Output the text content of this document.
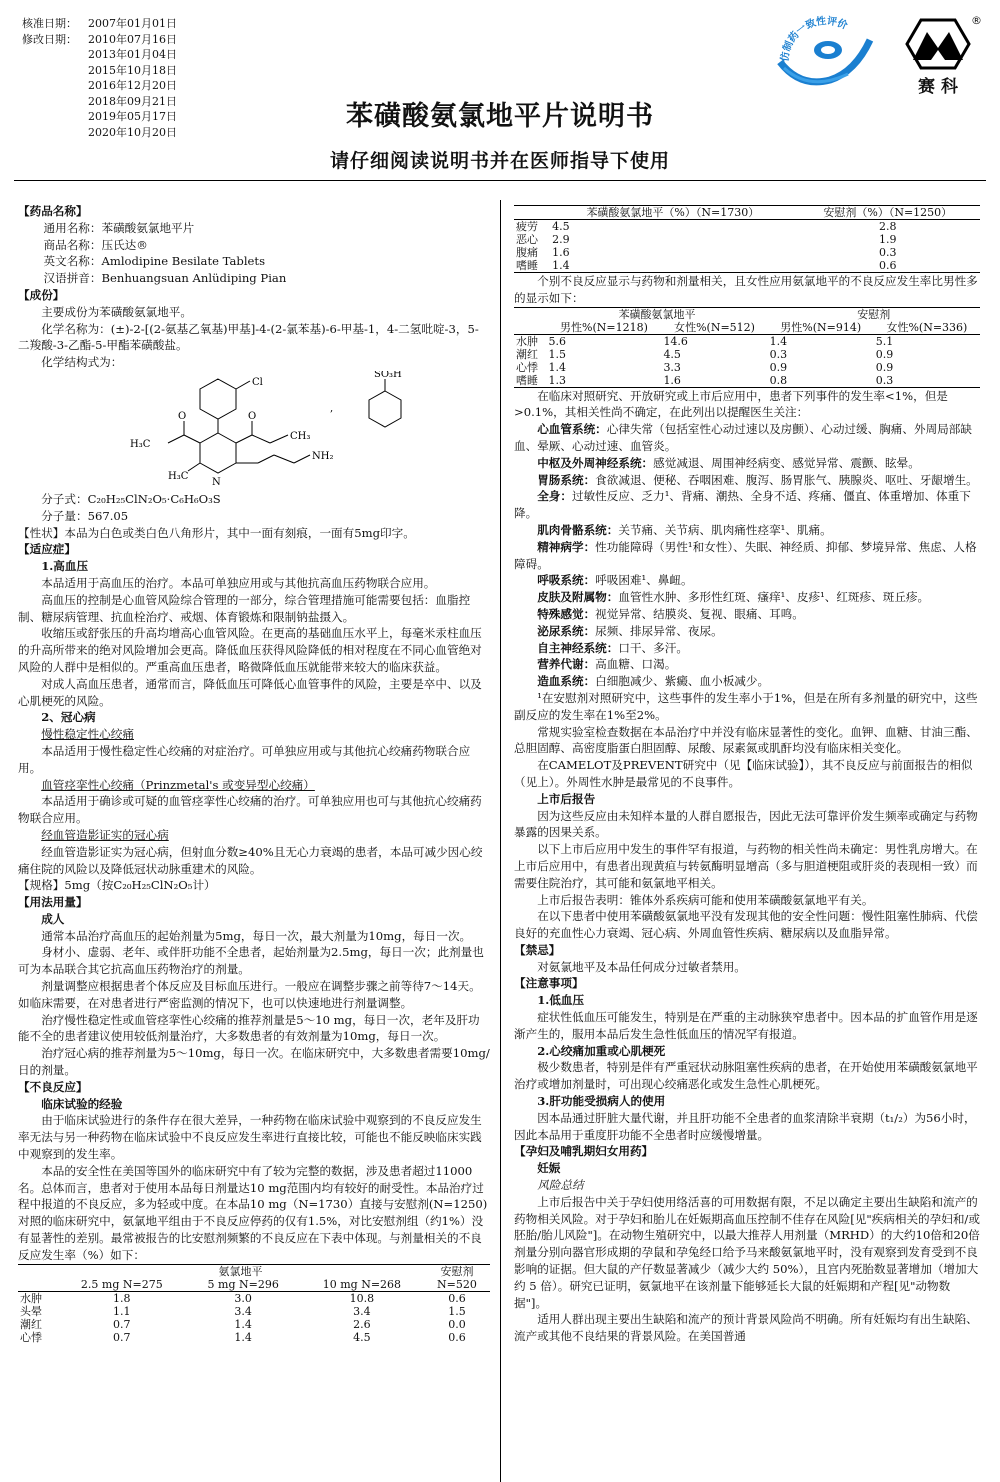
核准日期：	2007年01月01日
修改日期：	2010年07月16日
2013年01月04日
2015年10月18日
2016年12月20日
2018年09月21日
2019年05月17日
2020年10月20日
仿制药一致性评价	®
赛 科
苯磺酸氨氯地平片说明书
请仔细阅读说明书并在医师指导下使用

【药品名称】

通用名称：苯磺酸氨氯地平片

商品名称：压氏达®

英文名称：Amlodipine Besilate Tablets

汉语拼音：Benhuangsuan Anlüdiping Pian

【成份】

主要成份为苯磺酸氨氯地平。

化学名称为：(±)-2-[(2-氨基乙氧基)甲基]-4-(2-氯苯基)-6-甲基-1，4-二氢吡啶-3，5-二羧酸-3-乙酯-5-甲酯苯磺酸盐。

化学结构式为：

Cl
H₃C
O	O
CH₃
H₃C
N
NH₂
,
SO₃H

分子式：C₂₀H₂₅ClN₂O₅·C₆H₆O₃S

分子量：567.05

【性状】本品为白色或类白色八角形片，其中一面有刻痕，一面有5mg印字。

【适应症】

1.高血压

本品适用于高血压的治疗。本品可单独应用或与其他抗高血压药物联合应用。

高血压的控制是心血管风险综合管理的一部分，综合管理措施可能需要包括：血脂控制、糖尿病管理、抗血栓治疗、戒烟、体育锻炼和限制钠盐摄入。

收缩压或舒张压的升高均增高心血管风险。在更高的基础血压水平上，每毫米汞柱血压的升高所带来的绝对风险增加会更高。降低血压获得风险降低的相对程度在不同心血管绝对风险的人群中是相似的。严重高血压患者，略微降低血压就能带来较大的临床获益。

对成人高血压患者，通常而言，降低血压可降低心血管事件的风险，主要是卒中、以及心肌梗死的风险。

2、冠心病

慢性稳定性心绞痛

本品适用于慢性稳定性心绞痛的对症治疗。可单独应用或与其他抗心绞痛药物联合应用。

血管痉挛性心绞痛（Prinzmetal's 或变异型心绞痛）

本品适用于确诊或可疑的血管痉挛性心绞痛的治疗。可单独应用也可与其他抗心绞痛药物联合应用。

经血管造影证实的冠心病

经血管造影证实为冠心病，但射血分数≥40%且无心力衰竭的患者，本品可减少因心绞痛住院的风险以及降低冠状动脉重建术的风险。

【规格】5mg（按C₂₀H₂₅ClN₂O₅计）

【用法用量】

成人

通常本品治疗高血压的起始剂量为5mg，每日一次，最大剂量为10mg，每日一次。

身材小、虚弱、老年、或伴肝功能不全患者，起始剂量为2.5mg，每日一次；此剂量也可为本品联合其它抗高血压药物治疗的剂量。

剂量调整应根据患者个体反应及目标血压进行。一般应在调整步骤之前等待7～14天。如临床需要，在对患者进行严密监测的情况下，也可以快速地进行剂量调整。

治疗慢性稳定性或血管痉挛性心绞痛的推荐剂量是5～10 mg，每日一次，老年及肝功能不全的患者建议使用较低剂量治疗，大多数患者的有效剂量为10mg，每日一次。

治疗冠心病的推荐剂量为5～10mg，每日一次。在临床研究中，大多数患者需要10mg/日的剂量。

【不良反应】

临床试验的经验

由于临床试验进行的条件存在很大差异，一种药物在临床试验中观察到的不良反应发生率无法与另一种药物在临床试验中不良反应发生率进行直接比较，可能也不能反映临床实践中观察到的发生率。

本品的安全性在美国等国外的临床研究中有了较为完整的数据，涉及患者超过11000名。总体而言，患者对于使用本品每日剂量达10 mg范围内均有较好的耐受性。本品治疗过程中报道的不良反应，多为轻或中度。在本品10 mg（N=1730）直接与安慰剂(N=1250)对照的临床研究中，氨氯地平组由于不良反应停药的仅有1.5%，对比安慰剂组（约1%）没有显著性的差别。最常被报告的比安慰剂频繁的不良反应在下表中体现。与剂量相关的不良反应发生率（%）如下：

	氨氯地平			安慰剂
	2.5 mg N=275	5 mg N=296	10 mg N=268	N=520
水肿	1.8	3.0	10.8	0.6
头晕	1.1	3.4	3.4	1.5
潮红	0.7	1.4	2.6	0.0
心悸	0.7	1.4	4.5	0.6
	苯磺酸氨氯地平（%）（N=1730）	安慰剂（%）（N=1250）
疲劳	4.5	2.8
恶心	2.9	1.9
腹痛	1.6	0.3
嗜睡	1.4	0.6

个别不良反应显示与药物和剂量相关，且女性应用氨氯地平的不良反应发生率比男性多的显示如下：

	苯磺酸氨氯地平		安慰剂	
	男性%(N=1218)	女性%(N=512)	男性%(N=914)	女性%(N=336)
水肿	5.6	14.6	1.4	5.1
潮红	1.5	4.5	0.3	0.9
心悸	1.4	3.3	0.9	0.9
嗜睡	1.3	1.6	0.8	0.3

在临床对照研究、开放研究或上市后应用中，患者下列事件的发生率<1%，但是>0.1%，其相关性尚不确定，在此列出以提醒医生关注：

心血管系统：心律失常（包括室性心动过速以及房颤）、心动过缓、胸痛、外周局部缺血、晕厥、心动过速、血管炎。

中枢及外周神经系统：感觉减退、周围神经病变、感觉异常、震颤、眩晕。

胃肠系统：食欲减退、便秘、吞咽困难、腹泻、肠胃胀气、胰腺炎、呕吐、牙龈增生。

全身：过敏性反应、乏力¹、背痛、潮热、全身不适、疼痛、僵直、体重增加、体重下降。

肌肉骨骼系统：关节痛、关节病、肌肉痛性痉挛¹、肌痛。

精神病学：性功能障碍（男性¹和女性）、失眠、神经质、抑郁、梦境异常、焦虑、人格障碍。

呼吸系统：呼吸困难¹、鼻衄。

皮肤及附属物：血管性水肿、多形性红斑、瘙痒¹、皮疹¹、红斑疹、斑丘疹。

特殊感觉：视觉异常、结膜炎、复视、眼痛、耳鸣。

泌尿系统：尿频、排尿异常、夜尿。

自主神经系统：口干、多汗。

营养代谢：高血糖、口渴。

造血系统：白细胞减少、紫癜、血小板减少。

¹在安慰剂对照研究中，这些事件的发生率小于1%，但是在所有多剂量的研究中，这些副反应的发生率在1%至2%。

常规实验室检查数据在本品治疗中并没有临床显著性的变化。血钾、血糖、甘油三酯、总胆固醇、高密度脂蛋白胆固醇、尿酸、尿素氮或肌酐均没有临床相关变化。

在CAMELOT及PREVENT研究中（见【临床试验】），其不良反应与前面报告的相似（见上）。外周性水肿是最常见的不良事件。

上市后报告

因为这些反应由未知样本量的人群自愿报告，因此无法可靠评价发生频率或确定与药物暴露的因果关系。

以下上市后应用中发生的事件罕有报道，与药物的相关性尚未确定：男性乳房增大。在上市后应用中，有患者出现黄疸与转氨酶明显增高（多与胆道梗阻或肝炎的表现相一致）而需要住院治疗，其可能和氨氯地平相关。

上市后报告表明：锥体外系疾病可能和使用苯磺酸氨氯地平有关。

在以下患者中使用苯磺酸氨氯地平没有发现其他的安全性问题：慢性阻塞性肺病、代偿良好的充血性心力衰竭、冠心病、外周血管性疾病、糖尿病以及血脂异常。

【禁忌】

对氨氯地平及本品任何成分过敏者禁用。

【注意事项】

1.低血压

症状性低血压可能发生，特别是在严重的主动脉狭窄患者中。因本品的扩血管作用是逐渐产生的，服用本品后发生急性低血压的情况罕有报道。

2.心绞痛加重或心肌梗死

极少数患者，特别是伴有严重冠状动脉阻塞性疾病的患者，在开始使用苯磺酸氨氯地平治疗或增加剂量时，可出现心绞痛恶化或发生急性心肌梗死。

3.肝功能受损病人的使用

因本品通过肝脏大量代谢，并且肝功能不全患者的血浆清除半衰期（t₁/₂）为56小时，因此本品用于重度肝功能不全患者时应缓慢增量。

【孕妇及哺乳期妇女用药】

妊娠

风险总结

上市后报告中关于孕妇使用络活喜的可用数据有限，不足以确定主要出生缺陷和流产的药物相关风险。对于孕妇和胎儿在妊娠期高血压控制不佳存在风险[见"疾病相关的孕妇和/或胚胎/胎儿风险"]。在动物生殖研究中，以最大推荐人用剂量（MRHD）的大约10倍和20倍剂量分别向器官形成期的孕鼠和孕兔经口给予马来酸氨氯地平时，没有观察到发育受到不良影响的证据。但大鼠的产仔数显著减少（减少大约 50%），且宫内死胎数显著增加（增加大约 5 倍）。研究已证明，氨氯地平在该剂量下能够延长大鼠的妊娠期和产程[见"动物数据"]。

适用人群出现主要出生缺陷和流产的预计背景风险尚不明确。所有妊娠均有出生缺陷、流产或其他不良结果的背景风险。在美国普通
